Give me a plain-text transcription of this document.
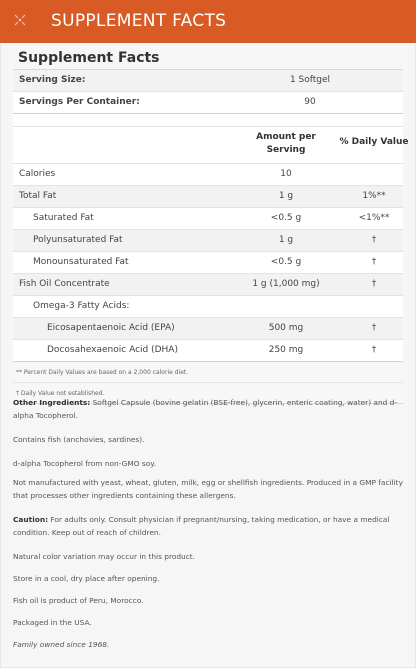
SUPPLEMENT FACTS
Supplement Facts
Serving Size:	1 Softgel
Servings Per Container:	90
Amount per Serving
% Daily Value
Calories	10
Total Fat	1 g	1%**
Saturated Fat	<0.5 g	<1%**
Polyunsaturated Fat	1 g	†
Monounsaturated Fat	<0.5 g	†
Fish Oil Concentrate	1 g (1,000 mg)	†
Omega-3 Fatty Acids:
Eicosapentaenoic Acid (EPA)	500 mg	†
Docosahexaenoic Acid (DHA)	250 mg	†
** Percent Daily Values are based on a 2,000 calorie diet.
† Daily Value not established.

Other Ingredients: Softgel Capsule (bovine gelatin (BSE-free), glycerin, enteric coating, water) and d-alpha Tocopherol.

Contains fish (anchovies, sardines).

d-alpha Tocopherol from non-GMO soy.

Not manufactured with yeast, wheat, gluten, milk, egg or shellfish ingredients. Produced in a GMP facility that processes other ingredients containing these allergens.

Caution: For adults only. Consult physician if pregnant/nursing, taking medication, or have a medical condition. Keep out of reach of children.

Natural color variation may occur in this product.

Store in a cool, dry place after opening.

Fish oil is product of Peru, Morocco.

Packaged in the USA.

Family owned since 1968.
